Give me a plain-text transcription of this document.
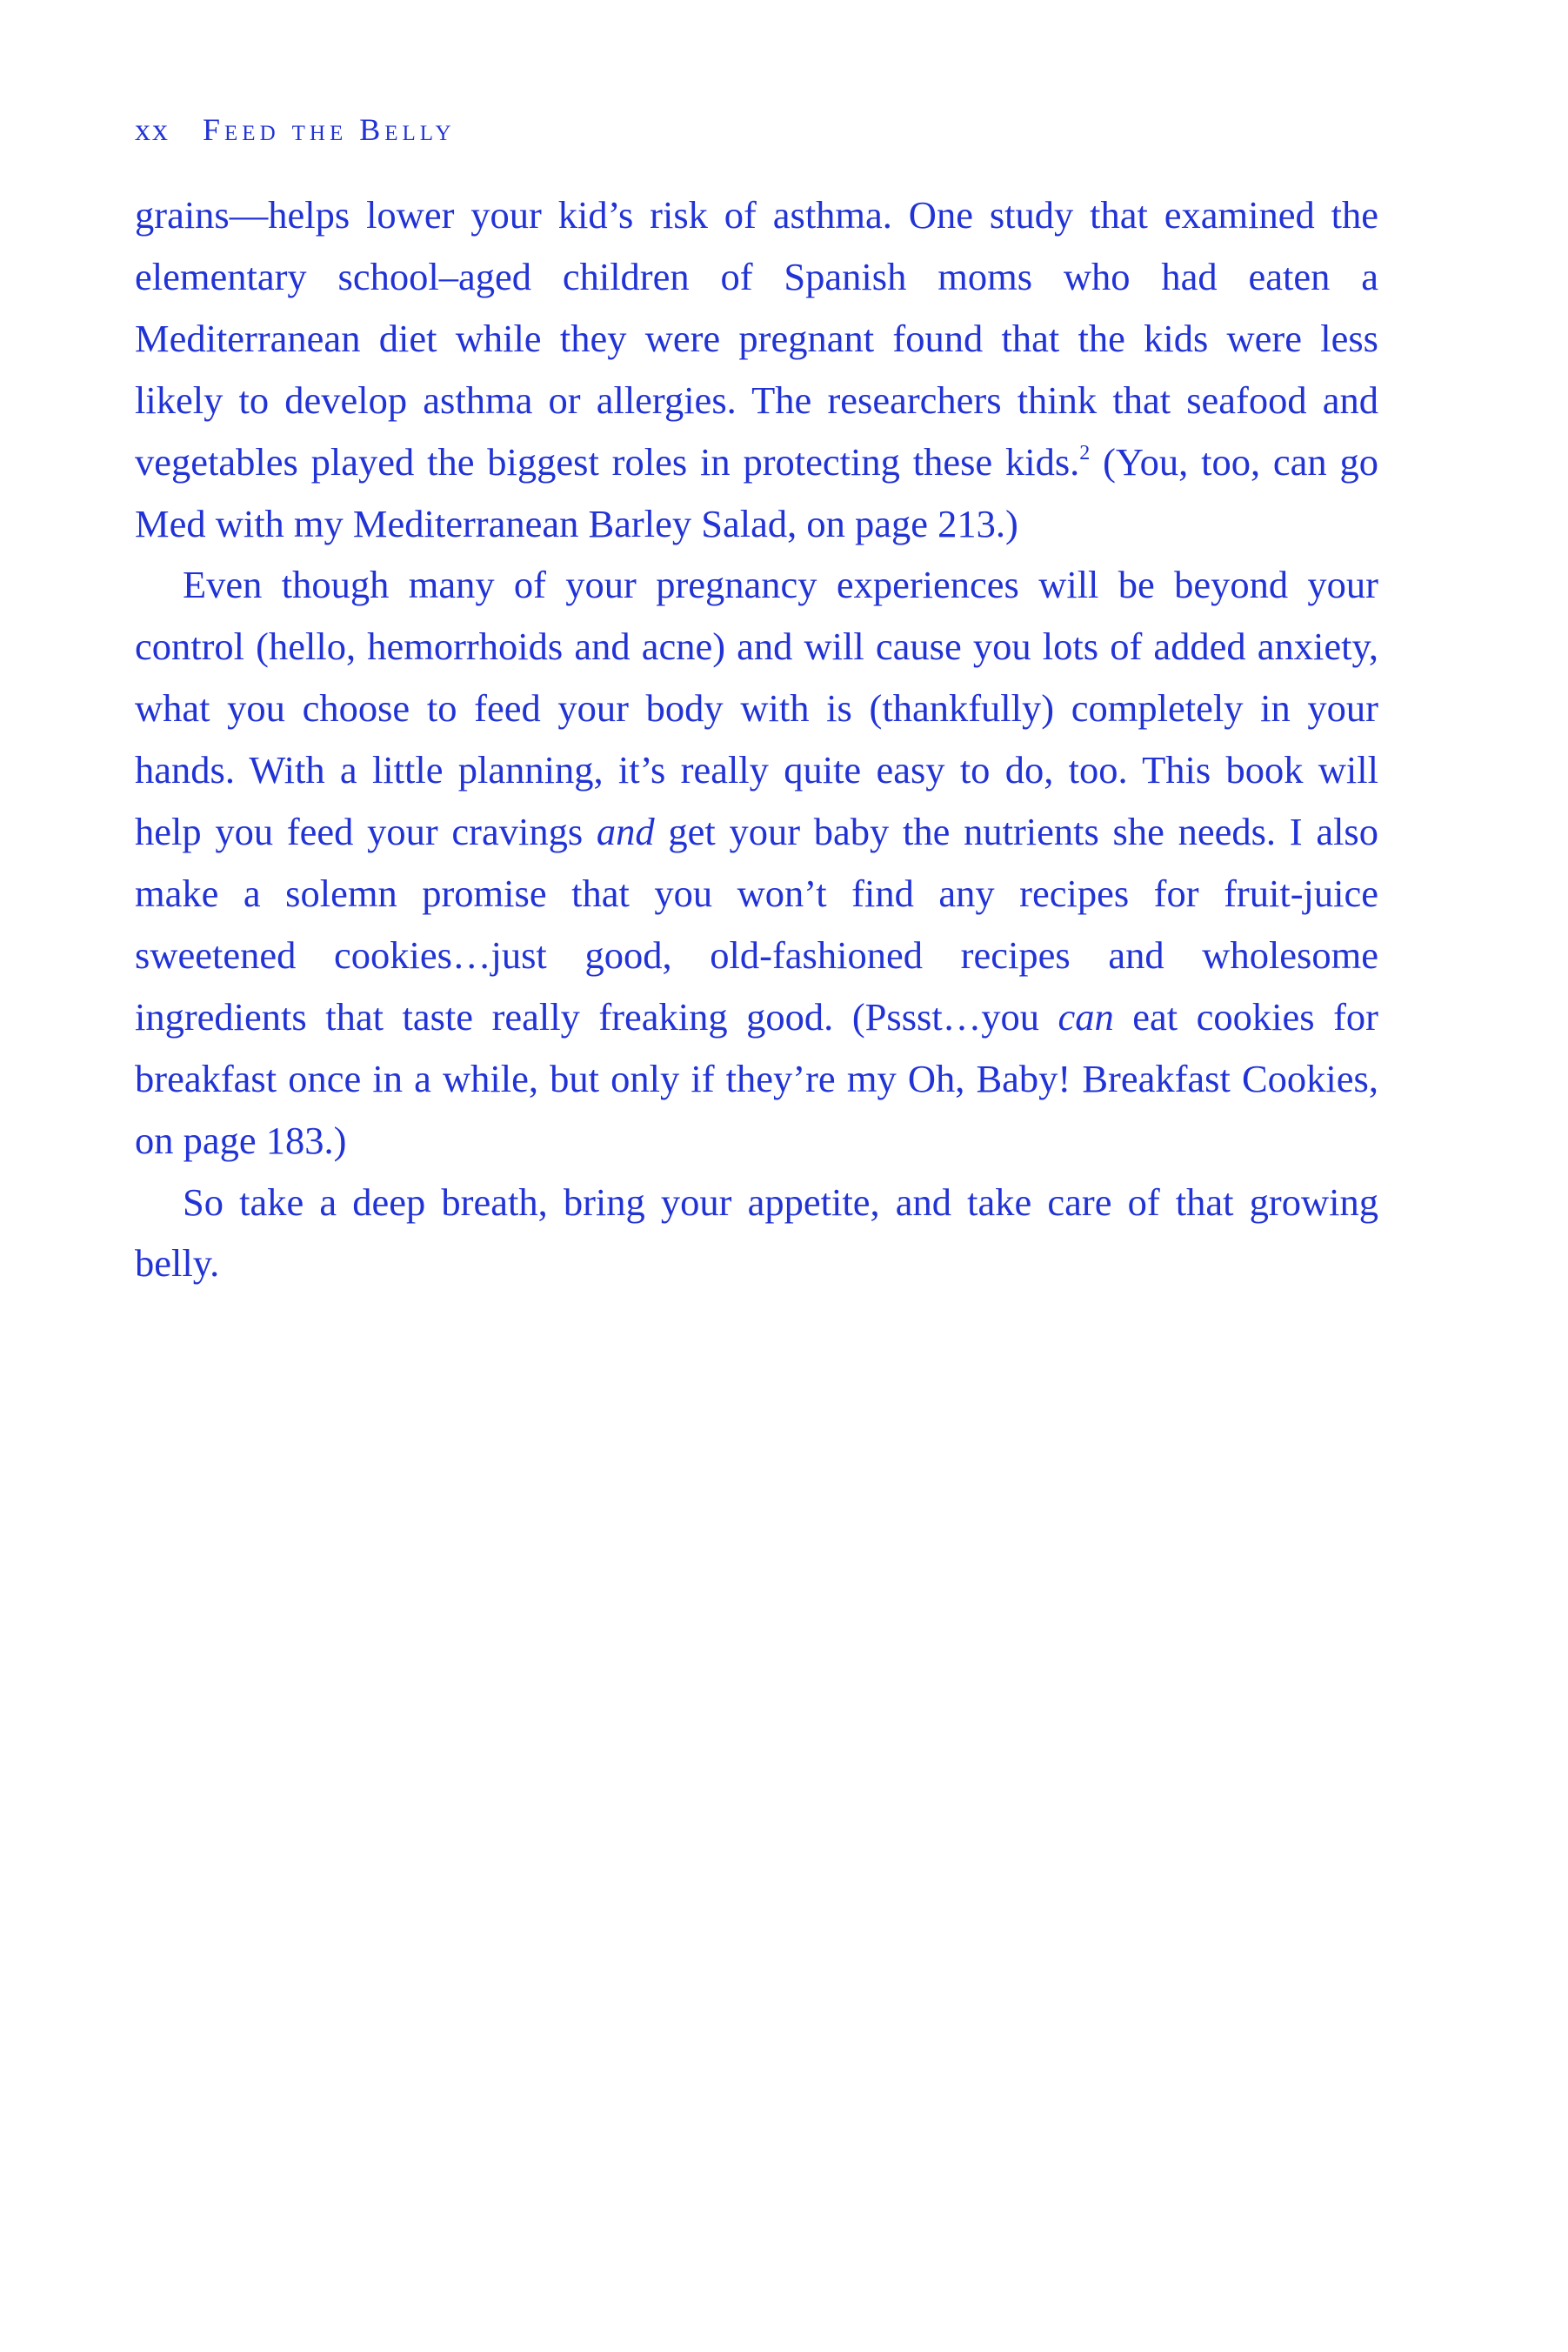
xx Feed the Belly

grains—helps lower your kid’s risk of asthma. One study that examined the elementary school–aged children of Spanish moms who had eaten a Mediterranean diet while they were pregnant found that the kids were less likely to develop asthma or allergies. The researchers think that seafood and vegetables played the biggest roles in protecting these kids.$^2$ (You, too, can go Med with my Mediterranean Barley Salad, on page 213.)

Even though many of your pregnancy experiences will be beyond your control (hello, hemorrhoids and acne) and will cause you lots of added anxiety, what you choose to feed your body with is (thankfully) completely in your hands. With a little planning, it’s really quite easy to do, too. This book will help you feed your cravings and get your baby the nutrients she needs. I also make a solemn promise that you won’t find any recipes for fruit-juice sweetened cookies…just good, old-fashioned recipes and wholesome ingredients that taste really freaking good. (Pssst…you can eat cookies for breakfast once in a while, but only if they’re my Oh, Baby! Breakfast Cookies, on page 183.)

So take a deep breath, bring your appetite, and take care of that growing belly.
